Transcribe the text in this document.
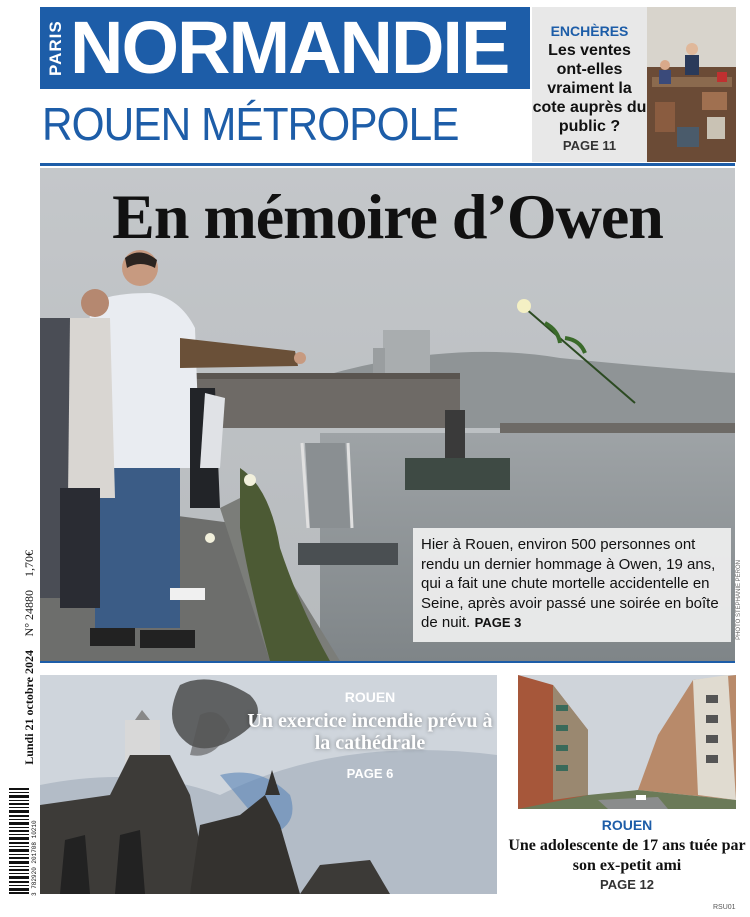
PARIS NORMANDIE
ROUEN MÉTROPOLE
ENCHÈRES
Les ventes ont-elles vraiment la cote auprès du public ?
PAGE 11
En mémoire d’Owen
Hier à Rouen, environ 500 personnes ont rendu un dernier hommage à Owen, 19 ans, qui a fait une chute mortelle accidentelle en Seine, après avoir passé une soirée en boîte de nuit. PAGE 3	PHOTO STÉPHANIE PÉRON
Lundi 21 octobre 2024
N° 24880
1,70€
3 782920 201708 10210
ROUEN
Un exercice incendie prévu à la cathédrale
PAGE 6
ROUEN
Une adolescente de 17 ans tuée par son ex-petit ami
PAGE 12
RSU01
